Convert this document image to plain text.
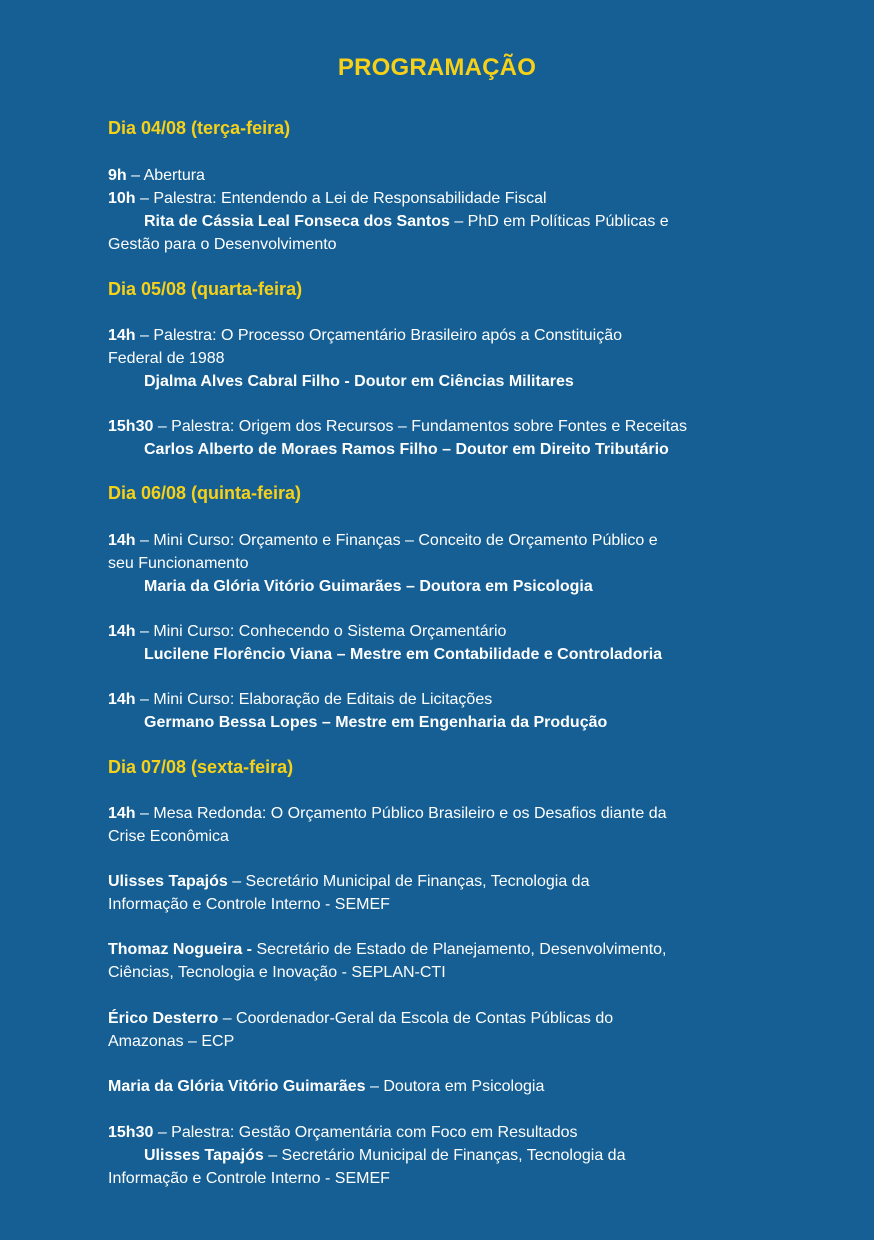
PROGRAMAÇÃO
Dia 04/08 (terça-feira)
9h – Abertura
10h – Palestra: Entendendo a Lei de Responsabilidade Fiscal
Rita de Cássia Leal Fonseca dos Santos – PhD em Políticas Públicas e
Gestão para o Desenvolvimento
Dia 05/08 (quarta-feira)
14h – Palestra: O Processo Orçamentário Brasileiro após a Constituição
Federal de 1988
Djalma Alves Cabral Filho - Doutor em Ciências Militares
15h30 – Palestra: Origem dos Recursos – Fundamentos sobre Fontes e Receitas
Carlos Alberto de Moraes Ramos Filho – Doutor em Direito Tributário
Dia 06/08 (quinta-feira)
14h – Mini Curso: Orçamento e Finanças – Conceito de Orçamento Público e
seu Funcionamento
Maria da Glória Vitório Guimarães – Doutora em Psicologia
14h – Mini Curso: Conhecendo o Sistema Orçamentário
Lucilene Florêncio Viana – Mestre em Contabilidade e Controladoria
14h – Mini Curso: Elaboração de Editais de Licitações
Germano Bessa Lopes – Mestre em Engenharia da Produção
Dia 07/08 (sexta-feira)
14h – Mesa Redonda: O Orçamento Público Brasileiro e os Desafios diante da
Crise Econômica
Ulisses Tapajós – Secretário Municipal de Finanças, Tecnologia da
Informação e Controle Interno - SEMEF
Thomaz Nogueira - Secretário de Estado de Planejamento, Desenvolvimento,
Ciências, Tecnologia e Inovação - SEPLAN-CTI
Érico Desterro – Coordenador-Geral da Escola de Contas Públicas do
Amazonas – ECP
Maria da Glória Vitório Guimarães – Doutora em Psicologia
15h30 – Palestra: Gestão Orçamentária com Foco em Resultados
Ulisses Tapajós – Secretário Municipal de Finanças, Tecnologia da
Informação e Controle Interno - SEMEF
